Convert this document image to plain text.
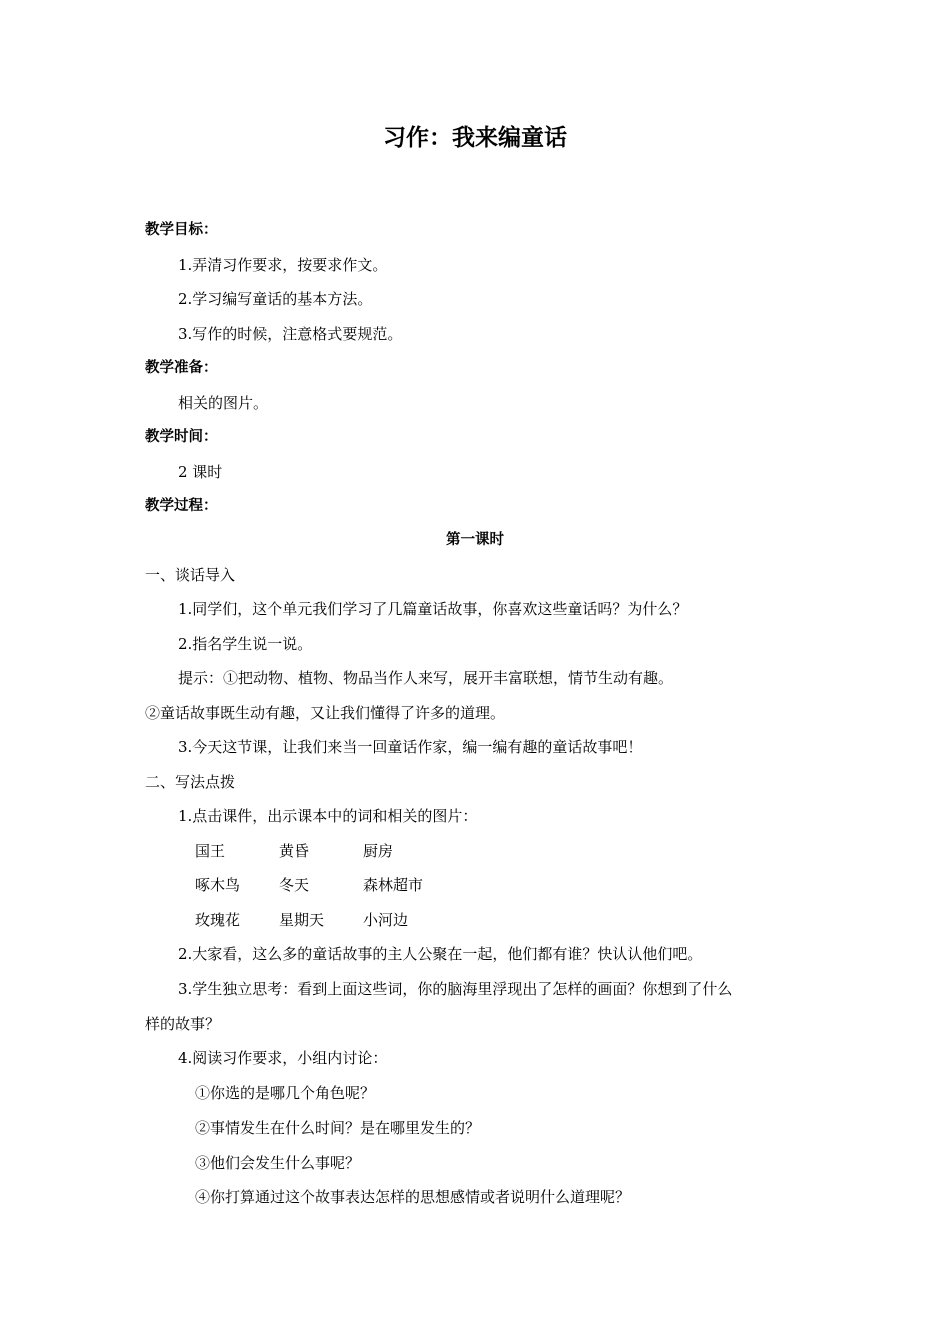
习作：我来编童话
教学目标：
1.弄清习作要求，按要求作文。
2.学习编写童话的基本方法。
3.写作的时候，注意格式要规范。
教学准备：
相关的图片。
教学时间：
2 课时
教学过程：
第一课时
一、谈话导入
1.同学们，这个单元我们学习了几篇童话故事，你喜欢这些童话吗？为什么？
2.指名学生说一说。
提示：①把动物、植物、物品当作人来写，展开丰富联想，情节生动有趣。
②童话故事既生动有趣，又让我们懂得了许多的道理。
3.今天这节课，让我们来当一回童话作家，编一编有趣的童话故事吧！
二、写法点拨
1.点击课件，出示课本中的词和相关的图片：
国王	黄昏	厨房
啄木鸟	冬天	森林超市
玫瑰花	星期天	小河边
2.大家看，这么多的童话故事的主人公聚在一起，他们都有谁？快认认他们吧。
3.学生独立思考：看到上面这些词，你的脑海里浮现出了怎样的画面？你想到了什么
样的故事？
4.阅读习作要求，小组内讨论：
①你选的是哪几个角色呢？
②事情发生在什么时间？是在哪里发生的？
③他们会发生什么事呢？
④你打算通过这个故事表达怎样的思想感情或者说明什么道理呢？
